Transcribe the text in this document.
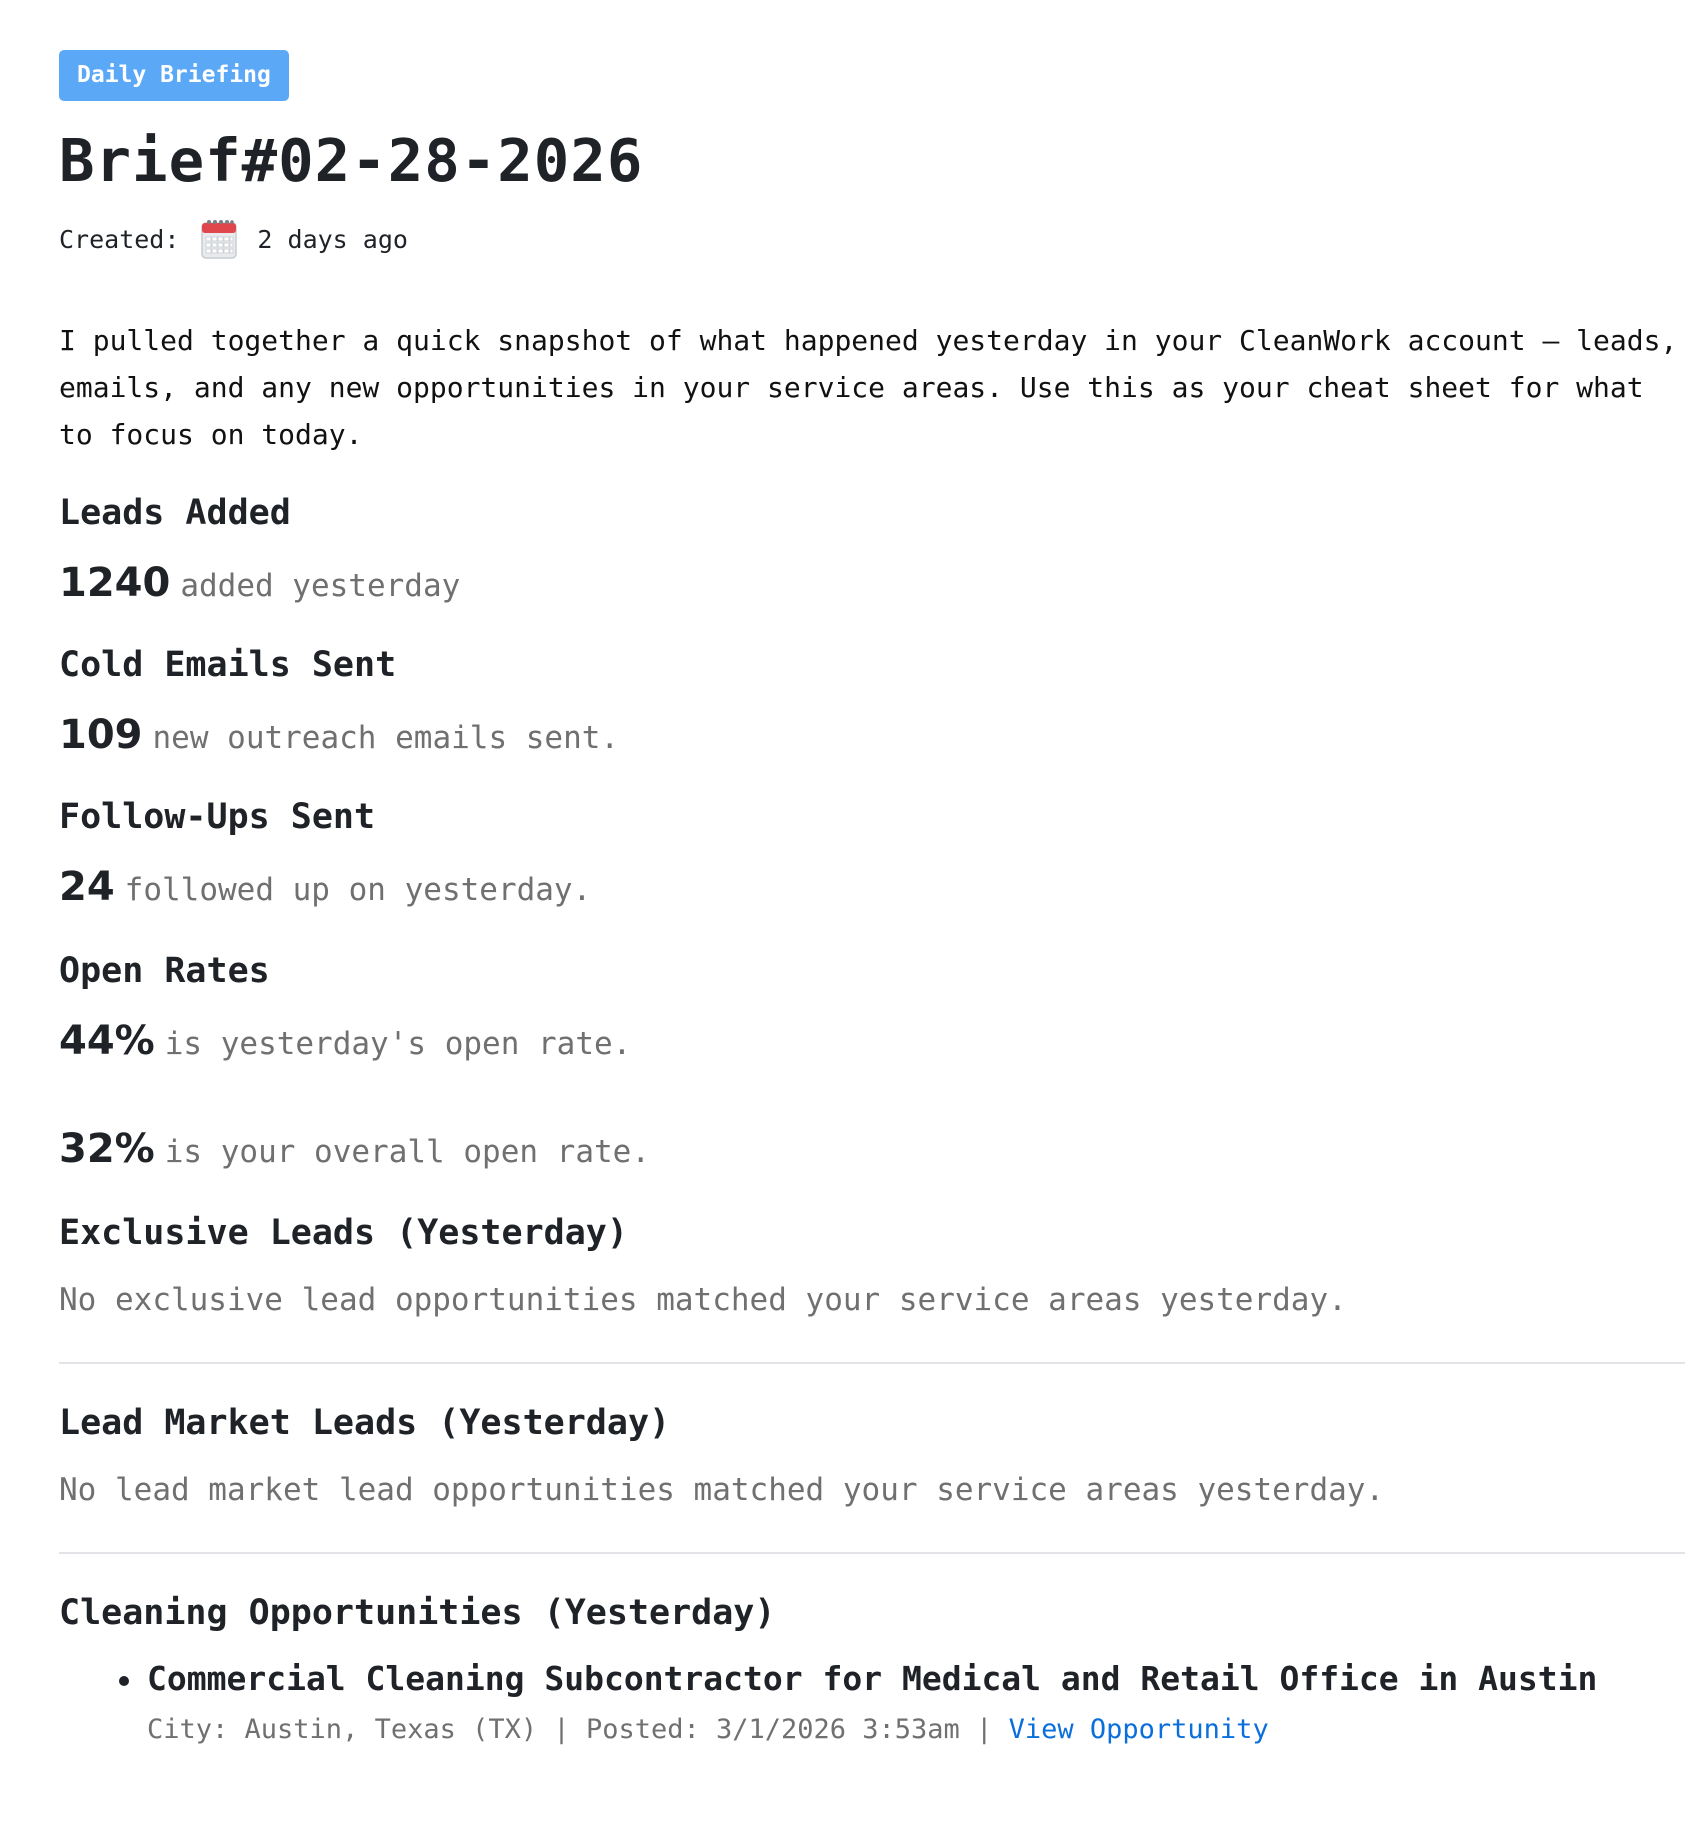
Daily Briefing
Brief#02-28-2026
Created:	2 days ago

I pulled together a quick snapshot of what happened yesterday in your CleanWork account – leads, emails, and any new opportunities in your service areas. Use this as your cheat sheet for what to focus on today.

Leads Added

1240 added yesterday

Cold Emails Sent

109 new outreach emails sent.

Follow-Ups Sent

24 followed up on yesterday.

Open Rates

44% is yesterday's open rate.

32% is your overall open rate.

Exclusive Leads (Yesterday)

No exclusive lead opportunities matched your service areas yesterday.

Lead Market Leads (Yesterday)

No lead market lead opportunities matched your service areas yesterday.

Cleaning Opportunities (Yesterday)

Commercial Cleaning Subcontractor for Medical and Retail Office in Austin

City: Austin, Texas (TX) | Posted: 3/1/2026 3:53am | View Opportunity
